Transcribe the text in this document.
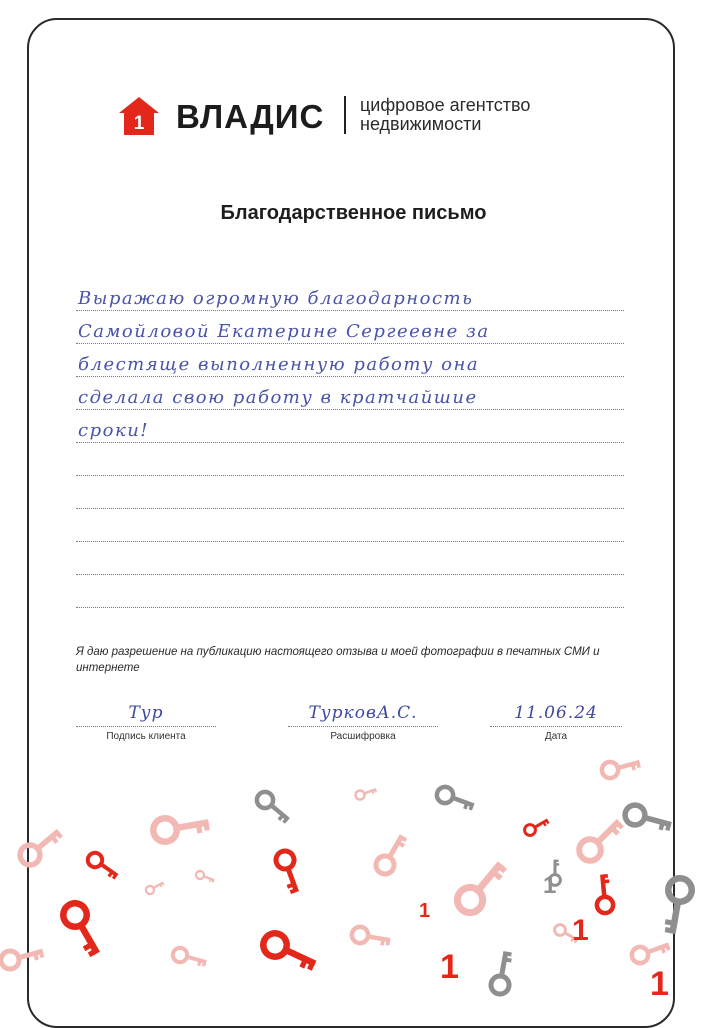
1 ВЛАДИС цифровое агентство
недвижимости
Благодарственное письмо
Выражаю огромную благодарность
Самойловой Екатерине Сергеевне за
блестяще выполненную работу она
сделала свою работу в кратчайшие
сроки!
Я даю разрешение на публикацию настоящего отзыва и моей фотографии в печатных СМИ и интернете
Тур
Подпись клиента
ТурковА.С.
Расшифровка
11.06.24
Дата
1
1
1
1	1
